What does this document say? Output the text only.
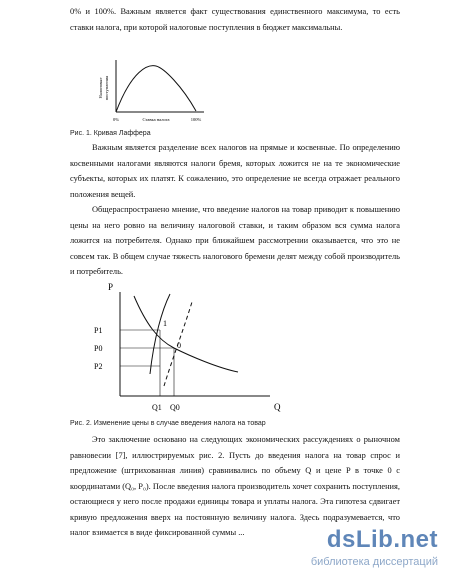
0% и 100%. Важным является факт существования единственного максимума, то есть ставки налога, при которой налоговые поступления в бюджет максимальны.
Налоговые поступления
0%	Ставка налога	100%
Рис. 1. Кривая Лаффера
Важным является разделение всех налогов на прямые и косвенные. По определению косвенными налогами являются налоги бремя, которых ложится не на те экономические субъекты, которых их платят. К сожалению, это определение не всегда отражает реального положения вещей.
Общераспространено мнение, что введение налогов на товар приводит к повышению цены на него ровно на величину налоговой ставки, и таким образом вся сумма налога ложится на потребителя. Однако при ближайшем рассмотрении оказывается, что это не совсем так. В общем случае тяжесть налогового бремени делят между собой производитель и потребитель.
P
Q
P1
P0
P2
Q1 Q0
1
0
Рис. 2. Изменение цены в случае введения налога на товар
Это заключение основано на следующих экономических рассуждениях о рыночном равновесии [7], иллюстрируемых рис. 2. Пусть до введения налога на товар спрос и предложение (штрихованная линия) сравнивались по объему Q и цене P в точке 0 с координатами (Q₀, P₀). После введения налога производитель хочет сохранить поступления, остающиеся у него после продажи единицы товара и уплаты налога. Эта гипотеза сдвигает кривую предложения вверх на постоянную величину налога. Здесь подразумевается, что налог взимается в виде фиксированной суммы ...	dsLib.net
библиотека диссертаций
